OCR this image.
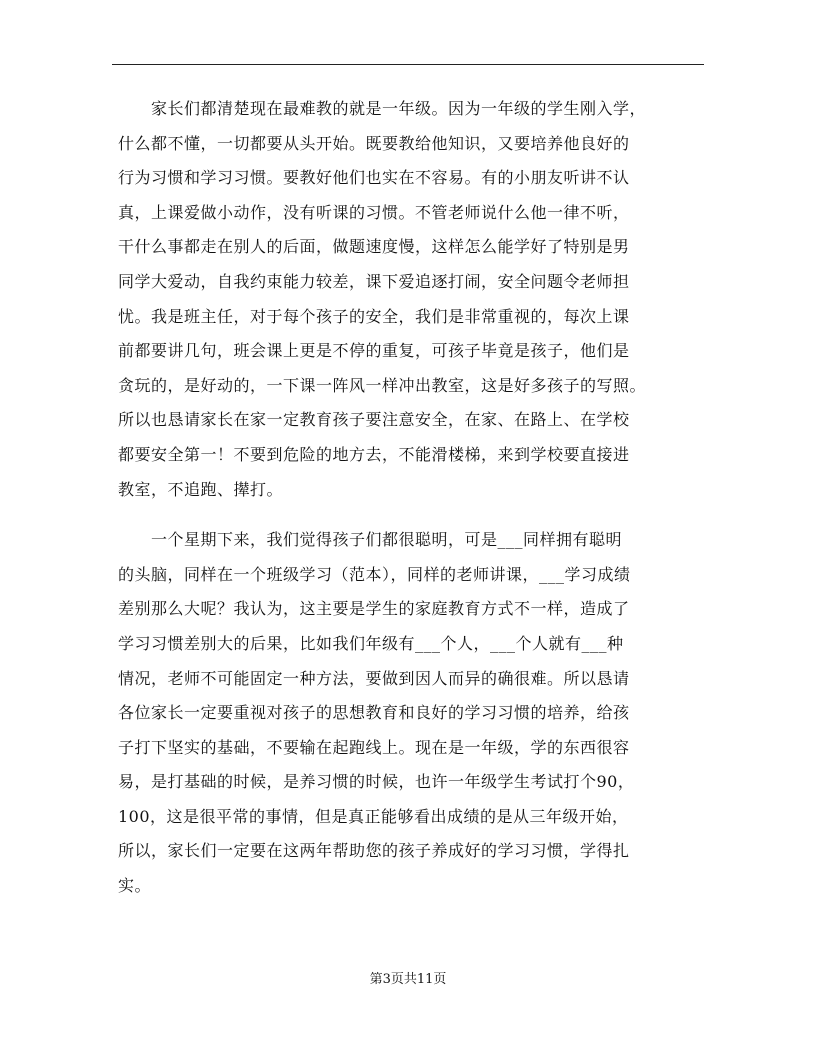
　　家长们都清楚现在最难教的就是一年级。因为一年级的学生刚入学，
什么都不懂，一切都要从头开始。既要教给他知识，又要培养他良好的
行为习惯和学习习惯。要教好他们也实在不容易。有的小朋友听讲不认
真，上课爱做小动作，没有听课的习惯。不管老师说什么他一律不听，
干什么事都走在别人的后面，做题速度慢，这样怎么能学好了特别是男
同学大爱动，自我约束能力较差，课下爱追逐打闹，安全问题令老师担
忧。我是班主任，对于每个孩子的安全，我们是非常重视的，每次上课
前都要讲几句，班会课上更是不停的重复，可孩子毕竟是孩子，他们是
贪玩的，是好动的，一下课一阵风一样冲出教室，这是好多孩子的写照。
所以也恳请家长在家一定教育孩子要注意安全，在家、在路上、在学校
都要安全第一！不要到危险的地方去，不能滑楼梯，来到学校要直接进
教室，不追跑、撵打。
　　一个星期下来，我们觉得孩子们都很聪明，可是___同样拥有聪明
的头脑，同样在一个班级学习（范本），同样的老师讲课，___学习成绩
差别那么大呢？我认为，这主要是学生的家庭教育方式不一样，造成了
学习习惯差别大的后果，比如我们年级有___个人，___个人就有___种
情况，老师不可能固定一种方法，要做到因人而异的确很难。所以恳请
各位家长一定要重视对孩子的思想教育和良好的学习习惯的培养，给孩
子打下坚实的基础，不要输在起跑线上。现在是一年级，学的东西很容
易，是打基础的时候，是养习惯的时候，也许一年级学生考试打个90，
100，这是很平常的事情，但是真正能够看出成绩的是从三年级开始，
所以，家长们一定要在这两年帮助您的孩子养成好的学习习惯，学得扎
实。
第3页共11页
